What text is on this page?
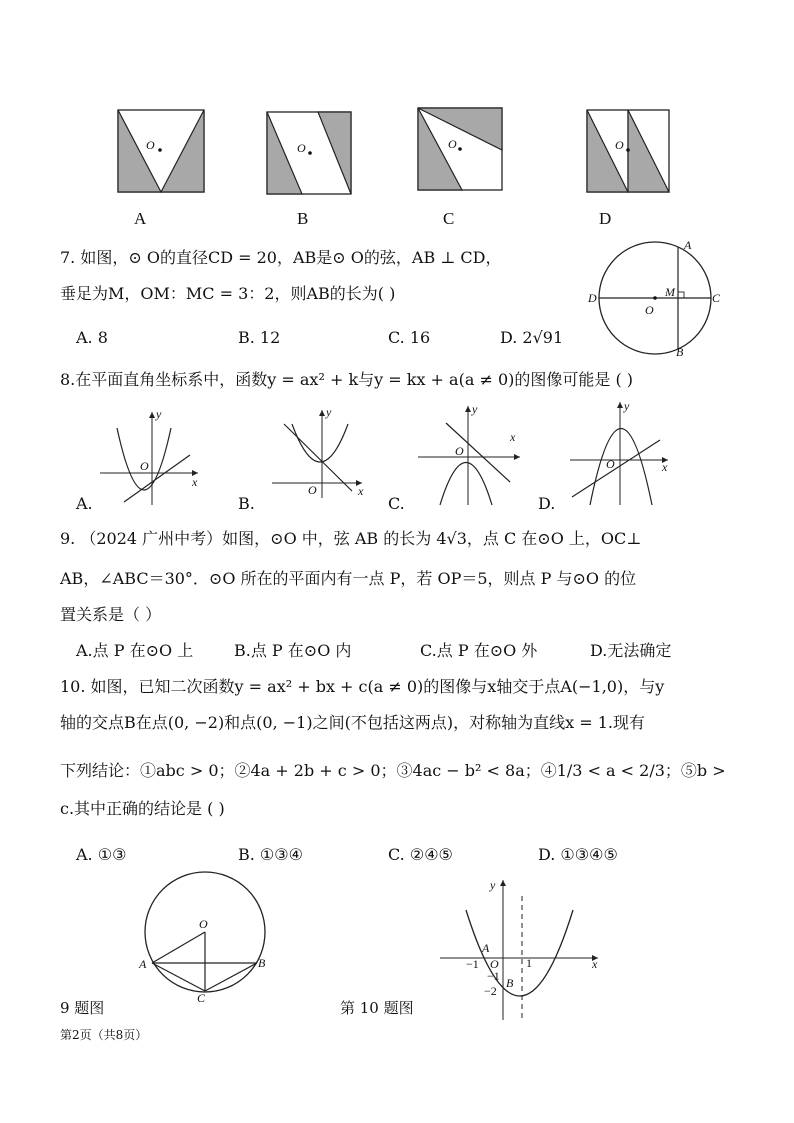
O	O	O	O
A	B	C	D
7. 如图，⊙ O的直径CD = 20，AB是⊙ O的弦，AB ⊥ CD，
垂足为M，OM：MC = 3：2，则AB的长为( )
A. 8	B. 12	C. 16	D. 2√91
A
D	M	C
O
B
8.在平面直角坐标系中，函数y = ax² + k与y = kx + a(a ≠ 0)的图像可能是 ( )
y
x
O
y
x
O
y
x
O
y
x
O
A.	B.	C.	D.
9. （2024 广州中考）如图，⊙O 中，弦 AB 的长为 4√3，点 C 在⊙O 上，OC⊥
AB，∠ABC＝30°．⊙O 所在的平面内有一点 P，若 OP＝5，则点 P 与⊙O 的位
置关系是（ ）
A.点 P 在⊙O 上	B.点 P 在⊙O 内	C.点 P 在⊙O 外	D.无法确定
10. 如图，已知二次函数y = ax² + bx + c(a ≠ 0)的图像与x轴交于点A(−1,0)，与y
轴的交点B在点(0, −2)和点(0, −1)之间(不包括这两点)，对称轴为直线x = 1.现有
下列结论：①abc > 0；②4a + 2b + c > 0；③4ac − b² < 8a；④1/3 < a < 2/3；⑤b >
c.其中正确的结论是 ( )
A. ①③	B. ①③④	C. ②④⑤	D. ①③④⑤
O
A	B
C
9 题图
y
x
A
−1 O 1
−1 B
−2
第 10 题图
第2页（共8页）
